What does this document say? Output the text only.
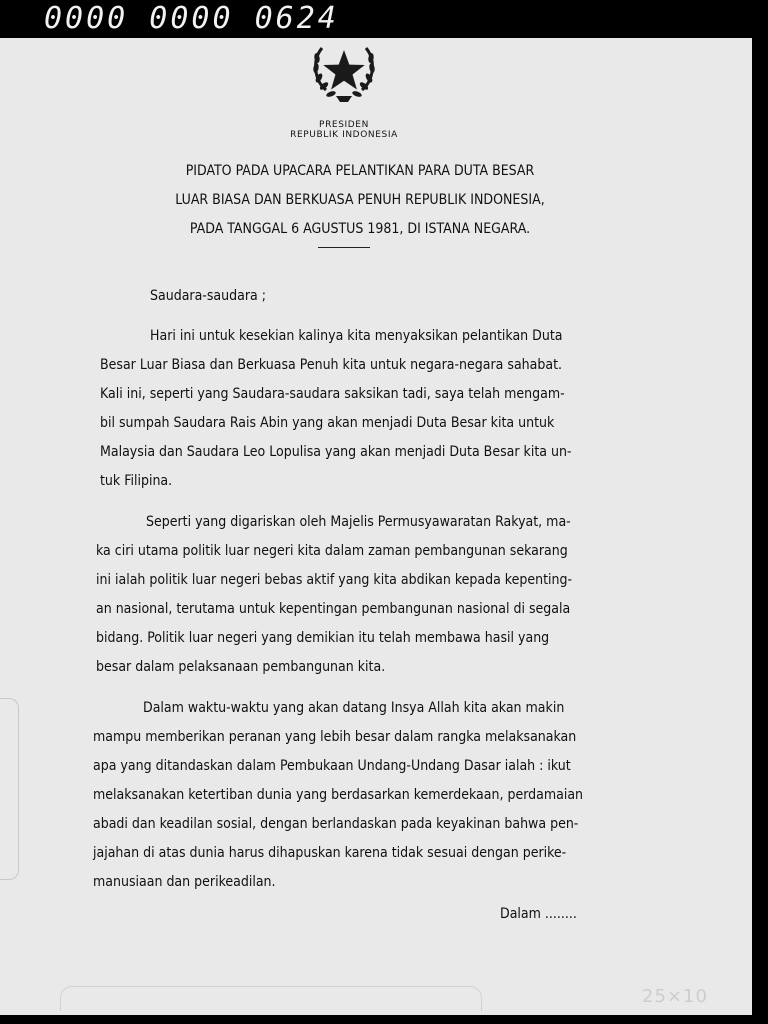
0000 0000 0624
PRESIDEN
REPUBLIK INDONESIA
PIDATO PADA UPACARA PELANTIKAN PARA DUTA BESAR
LUAR BIASA DAN BERKUASA PENUH REPUBLIK INDONESIA,
PADA TANGGAL 6 AGUSTUS 1981, DI ISTANA NEGARA.
Saudara-saudara ;
Hari ini untuk kesekian kalinya kita menyaksikan pelantikan Duta
Besar Luar Biasa dan Berkuasa Penuh kita untuk negara-negara sahabat.
Kali ini, seperti yang Saudara-saudara saksikan tadi, saya telah mengam-
bil sumpah Saudara Rais Abin yang akan menjadi Duta Besar kita untuk
Malaysia dan Saudara Leo Lopulisa yang akan menjadi Duta Besar kita un-
tuk Filipina.
Seperti yang digariskan oleh Majelis Permusyawaratan Rakyat, ma-
ka ciri utama politik luar negeri kita dalam zaman pembangunan sekarang
ini ialah politik luar negeri bebas aktif yang kita abdikan kepada kepenting-
an nasional, terutama untuk kepentingan pembangunan nasional di segala
bidang. Politik luar negeri yang demikian itu telah membawa hasil yang
besar dalam pelaksanaan pembangunan kita.
Dalam waktu-waktu yang akan datang Insya Allah kita akan makin
mampu memberikan peranan yang lebih besar dalam rangka melaksanakan
apa yang ditandaskan dalam Pembukaan Undang-Undang Dasar ialah : ikut
melaksanakan ketertiban dunia yang berdasarkan kemerdekaan, perdamaian
abadi dan keadilan sosial, dengan berlandaskan pada keyakinan bahwa pen-
jajahan di atas dunia harus dihapuskan karena tidak sesuai dengan perike-
manusiaan dan perikeadilan.
Dalam ........
25×10
